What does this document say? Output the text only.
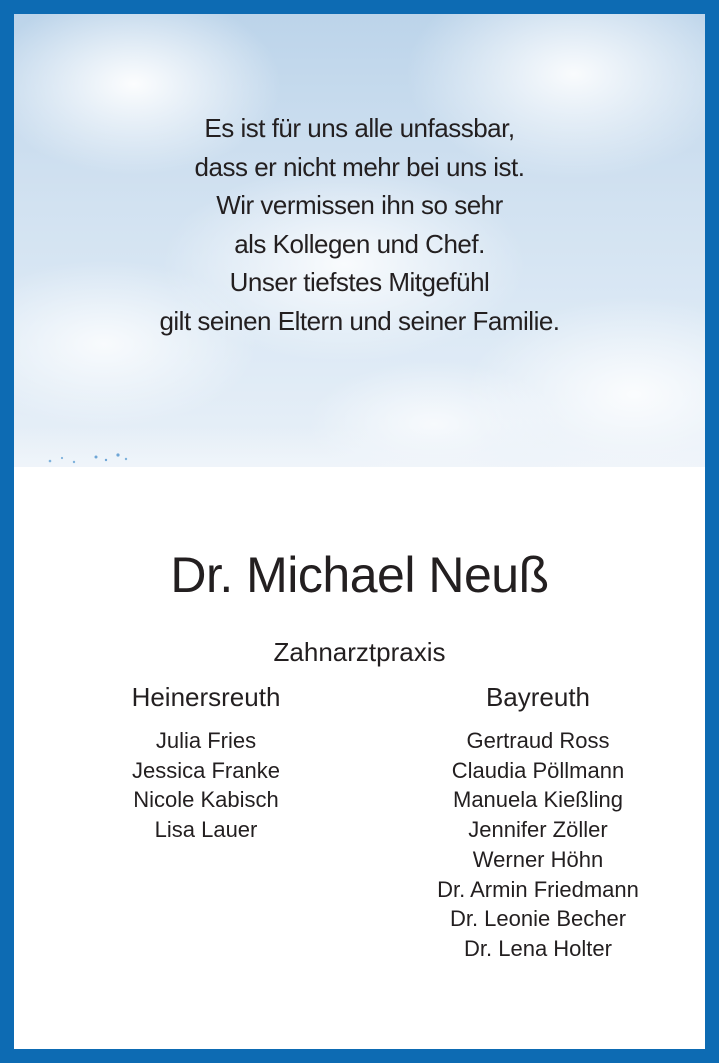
Es ist für uns alle unfassbar,
dass er nicht mehr bei uns ist.
Wir vermissen ihn so sehr
als Kollegen und Chef.
Unser tiefstes Mitgefühl
gilt seinen Eltern und seiner Familie.
Dr. Michael Neuß
Zahnarztpraxis
Heinersreuth
Julia Fries
Jessica Franke
Nicole Kabisch
Lisa Lauer
Bayreuth
Gertraud Ross
Claudia Pöllmann
Manuela Kießling
Jennifer Zöller
Werner Höhn
Dr. Armin Friedmann
Dr. Leonie Becher
Dr. Lena Holter
